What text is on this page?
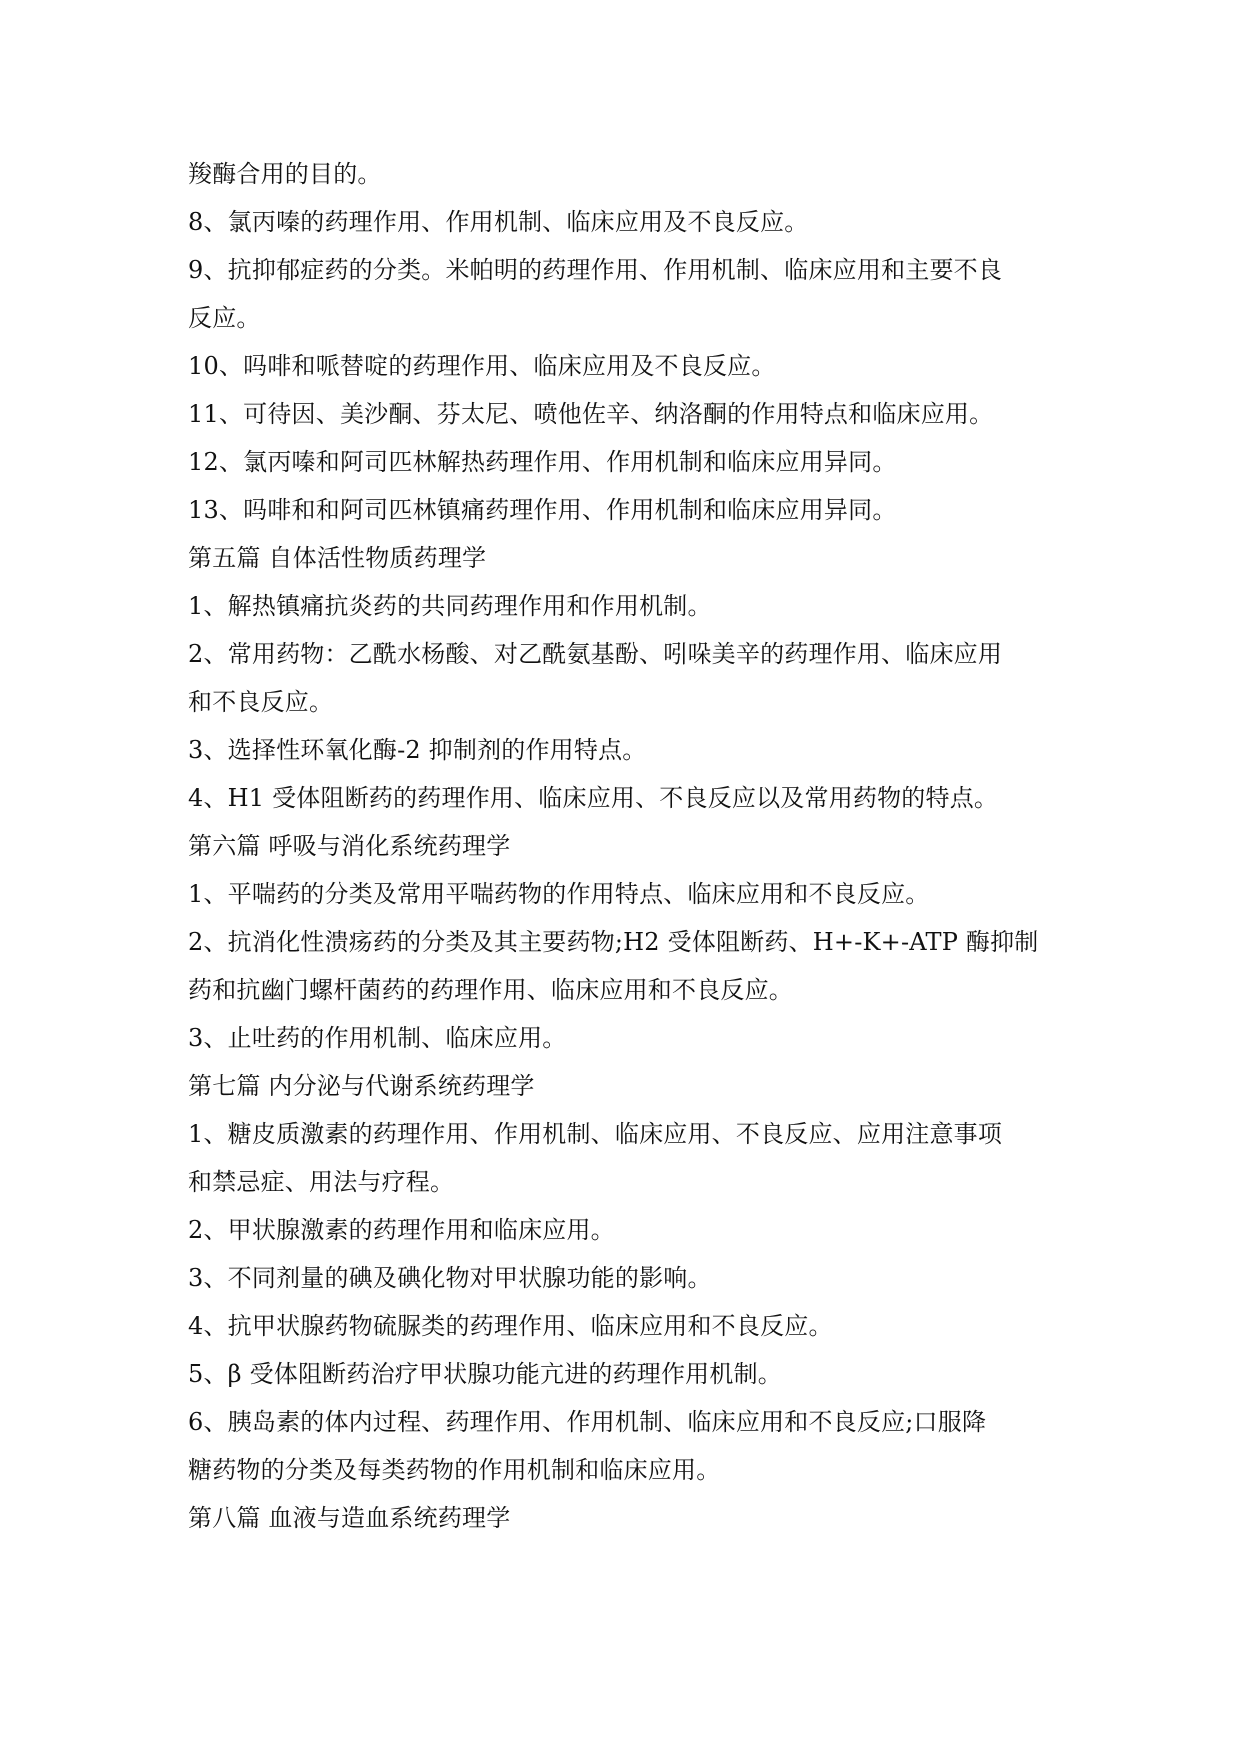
羧酶合用的目的。
8、氯丙嗪的药理作用、作用机制、临床应用及不良反应。
9、抗抑郁症药的分类。米帕明的药理作用、作用机制、临床应用和主要不良
反应。
10、吗啡和哌替啶的药理作用、临床应用及不良反应。
11、可待因、美沙酮、芬太尼、喷他佐辛、纳洛酮的作用特点和临床应用。
12、氯丙嗪和阿司匹林解热药理作用、作用机制和临床应用异同。
13、吗啡和和阿司匹林镇痛药理作用、作用机制和临床应用异同。
第五篇 自体活性物质药理学
1、解热镇痛抗炎药的共同药理作用和作用机制。
2、常用药物：乙酰水杨酸、对乙酰氨基酚、吲哚美辛的药理作用、临床应用
和不良反应。
3、选择性环氧化酶-2 抑制剂的作用特点。
4、H1 受体阻断药的药理作用、临床应用、不良反应以及常用药物的特点。
第六篇 呼吸与消化系统药理学
1、平喘药的分类及常用平喘药物的作用特点、临床应用和不良反应。
2、抗消化性溃疡药的分类及其主要药物;H2 受体阻断药、H+-K+-ATP 酶抑制
药和抗幽门螺杆菌药的药理作用、临床应用和不良反应。
3、止吐药的作用机制、临床应用。
第七篇 内分泌与代谢系统药理学
1、糖皮质激素的药理作用、作用机制、临床应用、不良反应、应用注意事项
和禁忌症、用法与疗程。
2、甲状腺激素的药理作用和临床应用。
3、不同剂量的碘及碘化物对甲状腺功能的影响。
4、抗甲状腺药物硫脲类的药理作用、临床应用和不良反应。
5、β 受体阻断药治疗甲状腺功能亢进的药理作用机制。
6、胰岛素的体内过程、药理作用、作用机制、临床应用和不良反应;口服降
糖药物的分类及每类药物的作用机制和临床应用。
第八篇 血液与造血系统药理学
